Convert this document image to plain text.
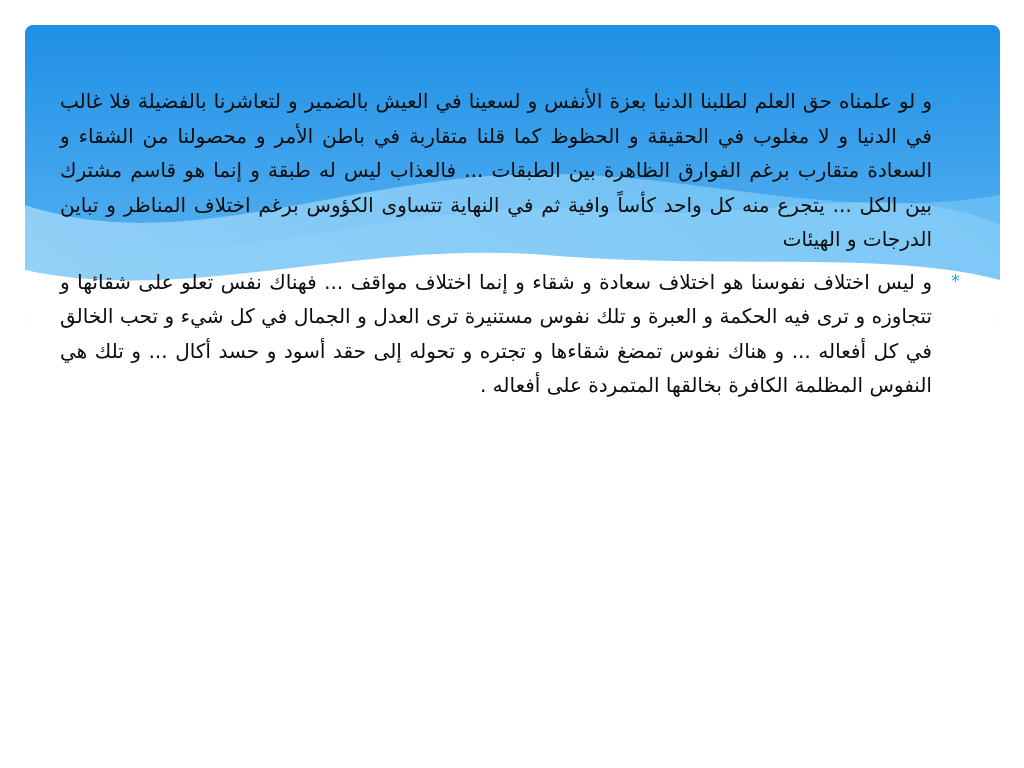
*
و لو علمناه حق العلم لطلبنا الدنيا بعزة الأنفس و لسعينا في العيش بالضمير و لتعاشرنا بالفضيلة فلا غالب في الدنيا و لا مغلوب في الحقيقة و الحظوظ كما قلنا متقاربة في باطن الأمر و محصولنا من الشقاء و السعادة متقارب برغم الفوارق الظاهرة بين الطبقات ... فالعذاب ليس له طبقة و إنما هو قاسم مشترك بين الكل ... يتجرع منه كل واحد كأساً وافية ثم في النهاية تتساوى الكؤوس برغم اختلاف المناظر و تباين الدرجات و الهيئات

*
و ليس اختلاف نفوسنا هو اختلاف سعادة و شقاء و إنما اختلاف مواقف ... فهناك نفس تعلو على شقائها و تتجاوزه و ترى فيه الحكمة و العبرة و تلك نفوس مستنيرة ترى العدل و الجمال في كل شيء و تحب الخالق في كل أفعاله ... و هناك نفوس تمضغ شقاءها و تجتره و تحوله إلى حقد أسود و حسد أكال ... و تلك هي النفوس المظلمة الكافرة بخالقها المتمردة على أفعاله .
